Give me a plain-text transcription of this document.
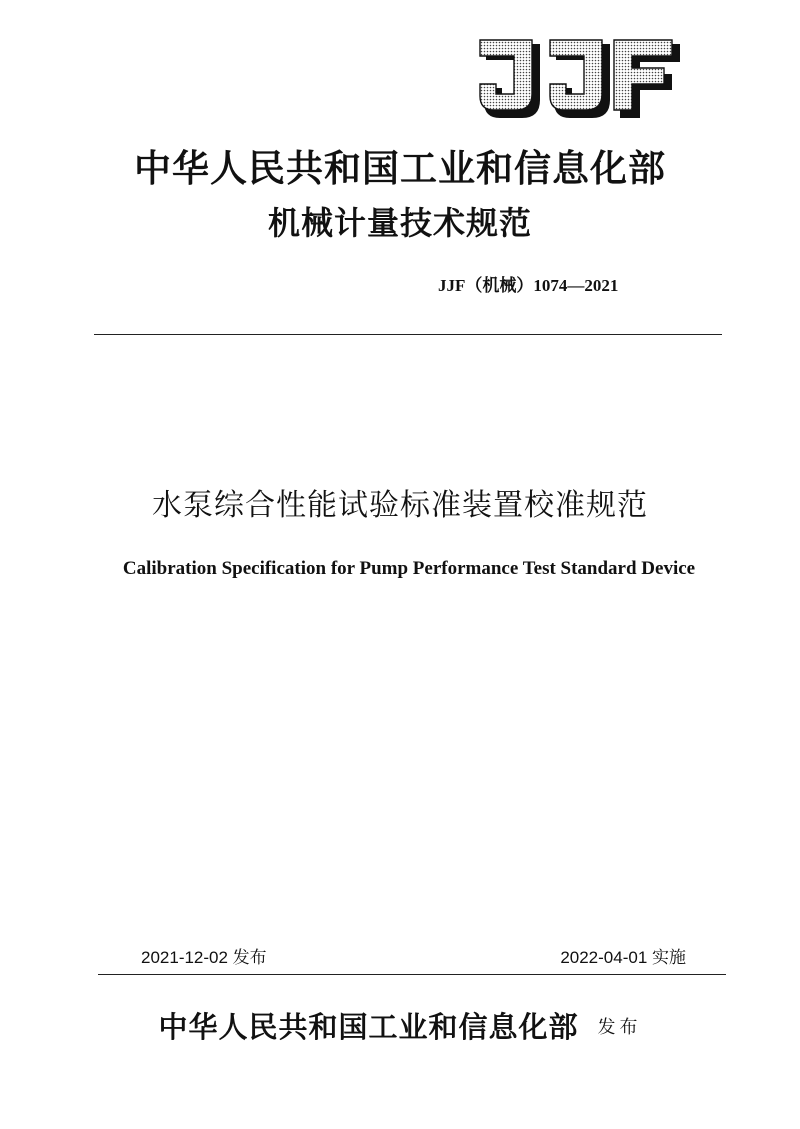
中华人民共和国工业和信息化部
机械计量技术规范
JJF（机械）1074—2021
水泵综合性能试验标准装置校准规范
Calibration Specification for Pump Performance Test Standard Device
2021-12-02 发布	2022-04-01 实施
中华人民共和国工业和信息化部 发布
